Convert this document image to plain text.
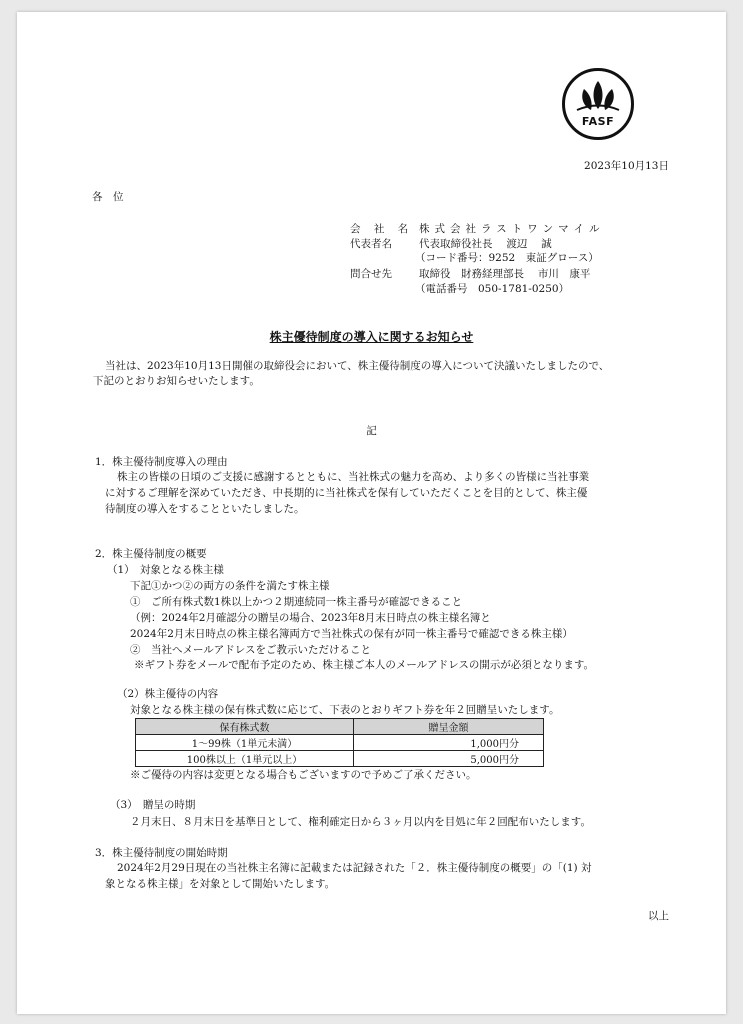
FASF
2023年10月13日
各　位
会 社 名 株式会社ラストワンマイル
代表者名	代表取締役社長　 渡辺　 誠
（コード番号：9252　東証グロース）
問合せ先	取締役　財務経理部長　 市川　康平
（電話番号　050-1781-0250）
株主優待制度の導入に関するお知らせ
当社は、2023年10月13日開催の取締役会において、株主優待制度の導入について決議いたしましたので、
下記のとおりお知らせいたします。
記
1．株主優待制度導入の理由
株主の皆様の日頃のご支援に感謝するとともに、当社株式の魅力を高め、より多くの皆様に当社事業
に対するご理解を深めていただき、中長期的に当社株式を保有していただくことを目的として、株主優
待制度の導入をすることといたしました。
2．株主優待制度の概要
（1）　対象となる株主様
下記①かつ②の両方の条件を満たす株主様
①　ご所有株式数1株以上かつ２期連続同一株主番号が確認できること
（例：2024年2月確認分の贈呈の場合、2023年8月末日時点の株主様名簿と
2024年2月末日時点の株主様名簿両方で当社株式の保有が同一株主番号で確認できる株主様）
②　当社へメールアドレスをご教示いただけること
※ギフト券をメールで配布予定のため、株主様ご本人のメールアドレスの開示が必須となります。
（2）株主優待の内容
対象となる株主様の保有株式数に応じて、下表のとおりギフト券を年２回贈呈いたします。
保有株式数	贈呈金額
1～99株（1単元未満）	1,000円分
100株以上（1単元以上）	5,000円分
※ご優待の内容は変更となる場合もございますので予めご了承ください。
（3）　贈呈の時期
２月末日、８月末日を基準日として、権利確定日から３ヶ月以内を目処に年２回配布いたします。
3．株主優待制度の開始時期
2024年2月29日現在の当社株主名簿に記載または記録された「２．株主優待制度の概要」の「(1) 対
象となる株主様」を対象として開始いたします。
以上
